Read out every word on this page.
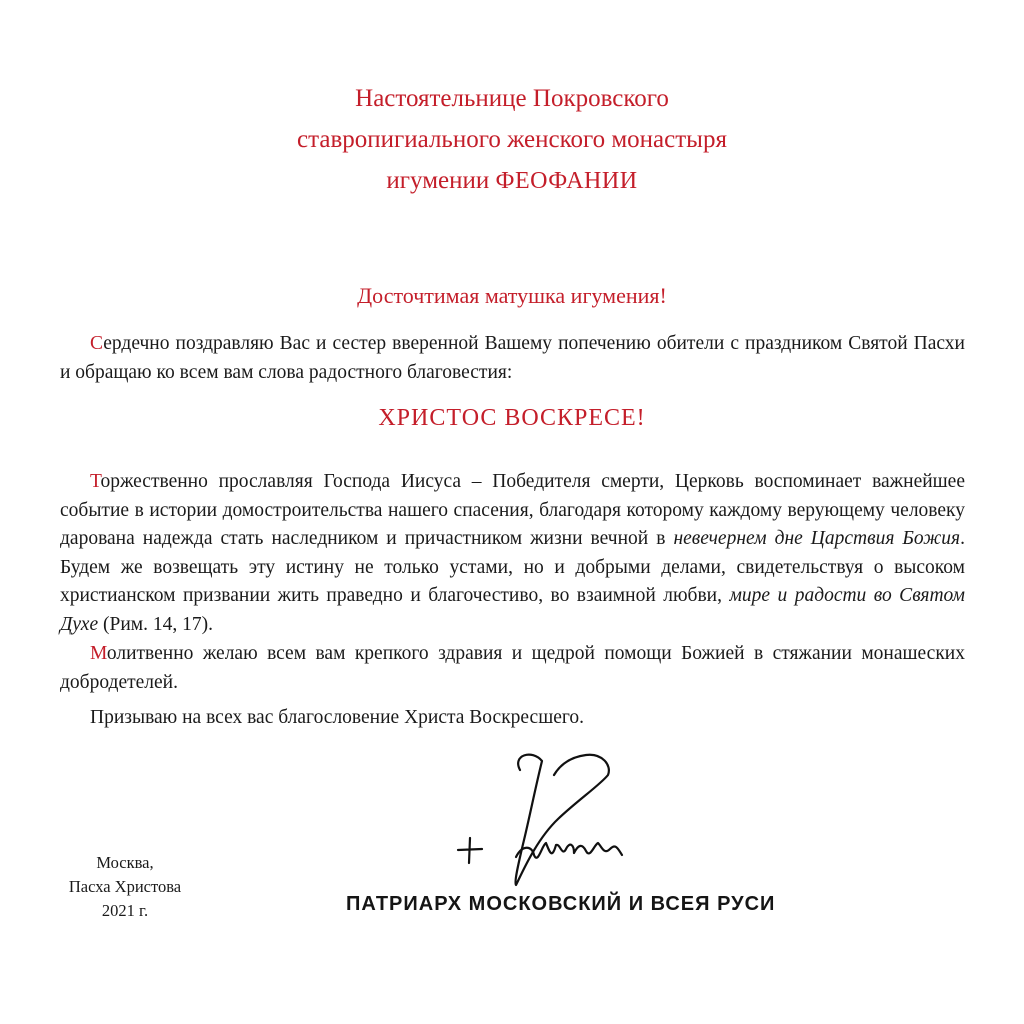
Настоятельнице Покровского
ставропигиального женского монастыря
игумении ФЕОФАНИИ
Досточтимая матушка игумения!

Сердечно поздравляю Вас и сестер вверенной Вашему попечению обители с праздником Святой Пасхи и обращаю ко всем вам слова радостного благовестия:

ХРИСТОС ВОСКРЕСЕ!

Торжественно прославляя Господа Иисуса – Победителя смерти, Церковь воспоминает важнейшее событие в истории домостроительства нашего спасения, благодаря которому каждому верующему человеку дарована надежда стать наследником и причастником жизни вечной в невечернем дне Царствия Божия. Будем же возвещать эту истину не только устами, но и добрыми делами, свидетельствуя о высоком христианском призвании жить праведно и благочестиво, во взаимной любви, мире и радости во Святом Духе (Рим. 14, 17).

Молитвенно желаю всем вам крепкого здравия и щедрой помощи Божией в стяжании монашеских добродетелей.

Призываю на всех вас благословение Христа Воскресшего.

Москва,
Пасха Христова
2021 г.	ПАТРИАРХ МОСКОВСКИЙ И ВСЕЯ РУСИ
